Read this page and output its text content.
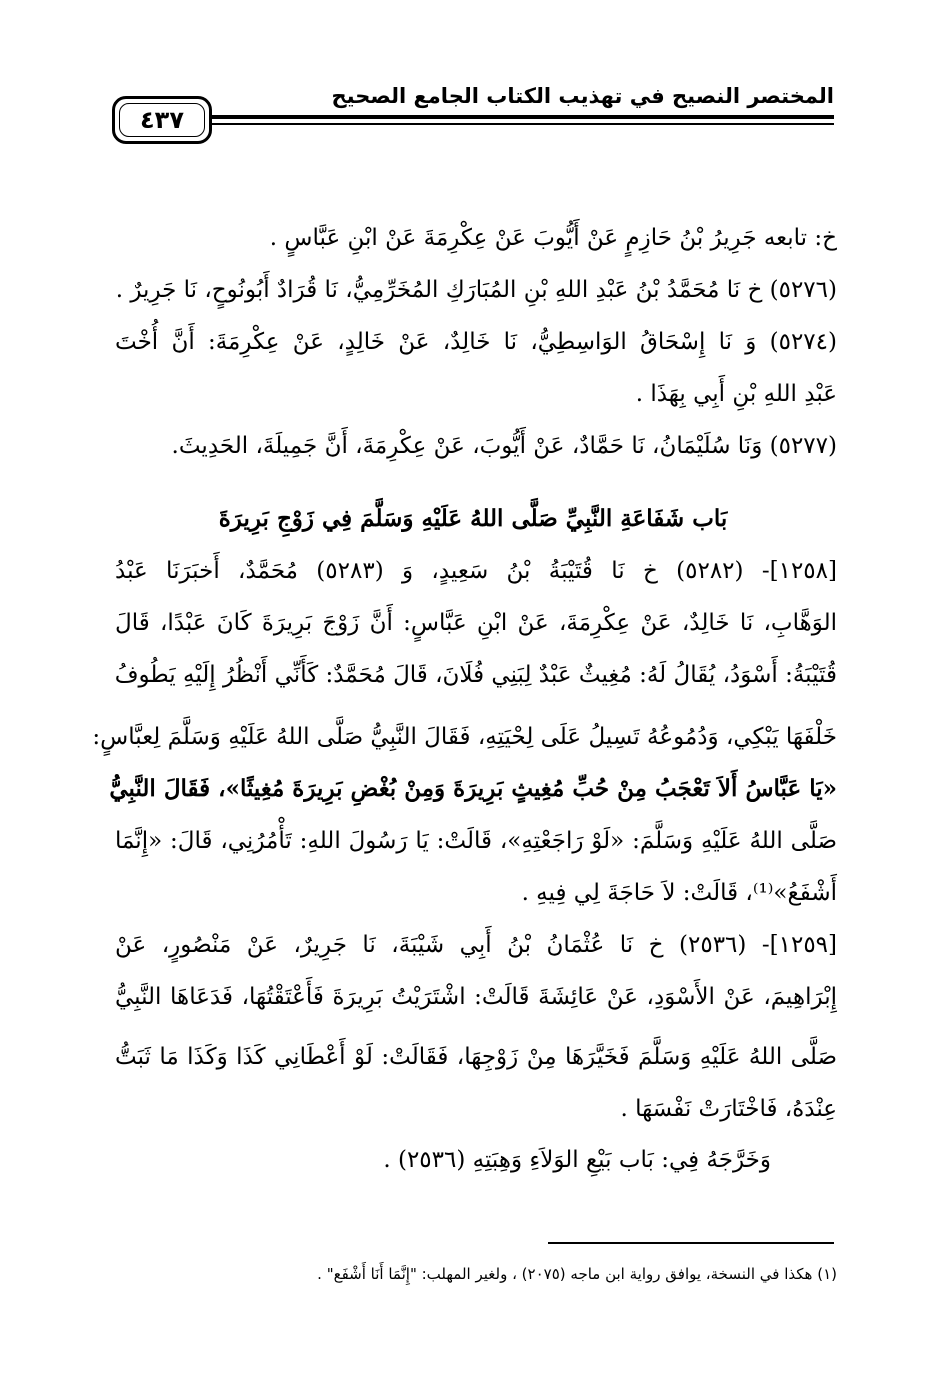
المختصر النصيح في تهذيب الكتاب الجامع الصحيح
٤٣٧
خ: تابعه جَرِيرُ بْنُ حَازِمٍ عَنْ أَيُّوبَ عَنْ عِكْرِمَةَ عَنْ ابْنِ عَبَّاسٍ .
(٥٢٧٦) خ نَا مُحَمَّدُ بْنُ عَبْدِ اللهِ بْنِ المُبَارَكِ المُخَرِّمِيُّ، نَا قُرَادٌ أَبُونُوحٍ، نَا جَرِيرٌ .
(٥٢٧٤) وَ نَا إِسْحَاقُ الوَاسِطِيُّ، نَا خَالِدٌ، عَنْ خَالِدٍ، عَنْ عِكْرِمَةَ: أَنَّ أُخْتَ
عَبْدِ اللهِ بْنِ أَبِي بِهَذَا .
(٥٢٧٧) وَنَا سُلَيْمَانُ، نَا حَمَّادٌ، عَنْ أَيُّوبَ، عَنْ عِكْرِمَةَ، أَنَّ جَمِيلَةَ، الحَدِيثَ.
بَاب شَفَاعَةِ النَّبِيِّ صَلَّى اللهُ عَلَيْهِ وَسَلَّمَ فِي زَوْجِ بَرِيرَةَ
[١٢٥٨]- (٥٢٨٢) خ نَا قُتَيْبَةُ بْنُ سَعِيدٍ، وَ (٥٢٨٣) مُحَمَّدٌ، أَخبَرَنَا عَبْدُ
الوَهَّابِ، نَا خَالِدٌ، عَنْ عِكْرِمَةَ، عَنْ ابْنِ عَبَّاسٍ: أَنَّ زَوْجَ بَرِيرَةَ كَانَ عَبْدًا، قَالَ
قُتَيْبَةُ: أَسْوَدُ، يُقَالُ لَهُ: مُغِيثٌ عَبْدٌ لِبَنِي فُلَانَ، قَالَ مُحَمَّدٌ: كَأَنِّي أَنْظُرُ إِلَيْهِ يَطُوفُ
خَلْفَهَا يَبْكِي، وَدُمُوعُهُ تَسِيلُ عَلَى لِحْيَتِهِ، فَقَالَ النَّبِيُّ صَلَّى اللهُ عَلَيْهِ وَسَلَّمَ لِعبَّاسٍ:
«يَا عَبَّاسُ أَلاَ تَعْجَبُ مِنْ حُبِّ مُغِيثٍ بَرِيرَةَ وَمِنْ بُغْضِ بَرِيرَةَ مُغِيثًا»، فَقَالَ النَّبِيُّ
صَلَّى اللهُ عَلَيْهِ وَسَلَّمَ: «لَوْ رَاجَعْتِهِ»، قَالَتْ: يَا رَسُولَ اللهِ: تَأْمُرُنِي، قَالَ: «إِنَّمَا
أَشْفَعُ»⁽¹⁾، قَالَتْ: لاَ حَاجَةَ لِي فِيهِ .
[١٢٥٩]- (٢٥٣٦) خ نَا عُثْمَانُ بْنُ أَبِي شَيْبَةَ، نَا جَرِيرٌ، عَنْ مَنْصُورٍ، عَنْ
إِبْرَاهِيمَ، عَنْ الأَسْوَدِ، عَنْ عَائِشَةَ قَالَتْ: اشْتَرَيْتُ بَرِيرَةَ فَأَعْتَقْتُهَا، فَدَعَاهَا النَّبِيُّ
صَلَّى اللهُ عَلَيْهِ وَسَلَّمَ فَخَيَّرَهَا مِنْ زَوْجِهَا، فَقَالَتْ: لَوْ أَعْطَانِي كَذَا وَكَذَا مَا ثَبَتُّ
عِنْدَهُ، فَاخْتَارَتْ نَفْسَهَا .
وَخَرَّجَهُ فِي: بَاب بَيْعِ الوَلاَءِ وَهِبَتِهِ (٢٥٣٦) .
(١) هكذا في النسخة، يوافق رواية ابن ماجه (٢٠٧٥) ، ولغير المهلب: "إِنَّمَا أَنَا أَشْفَع" .
